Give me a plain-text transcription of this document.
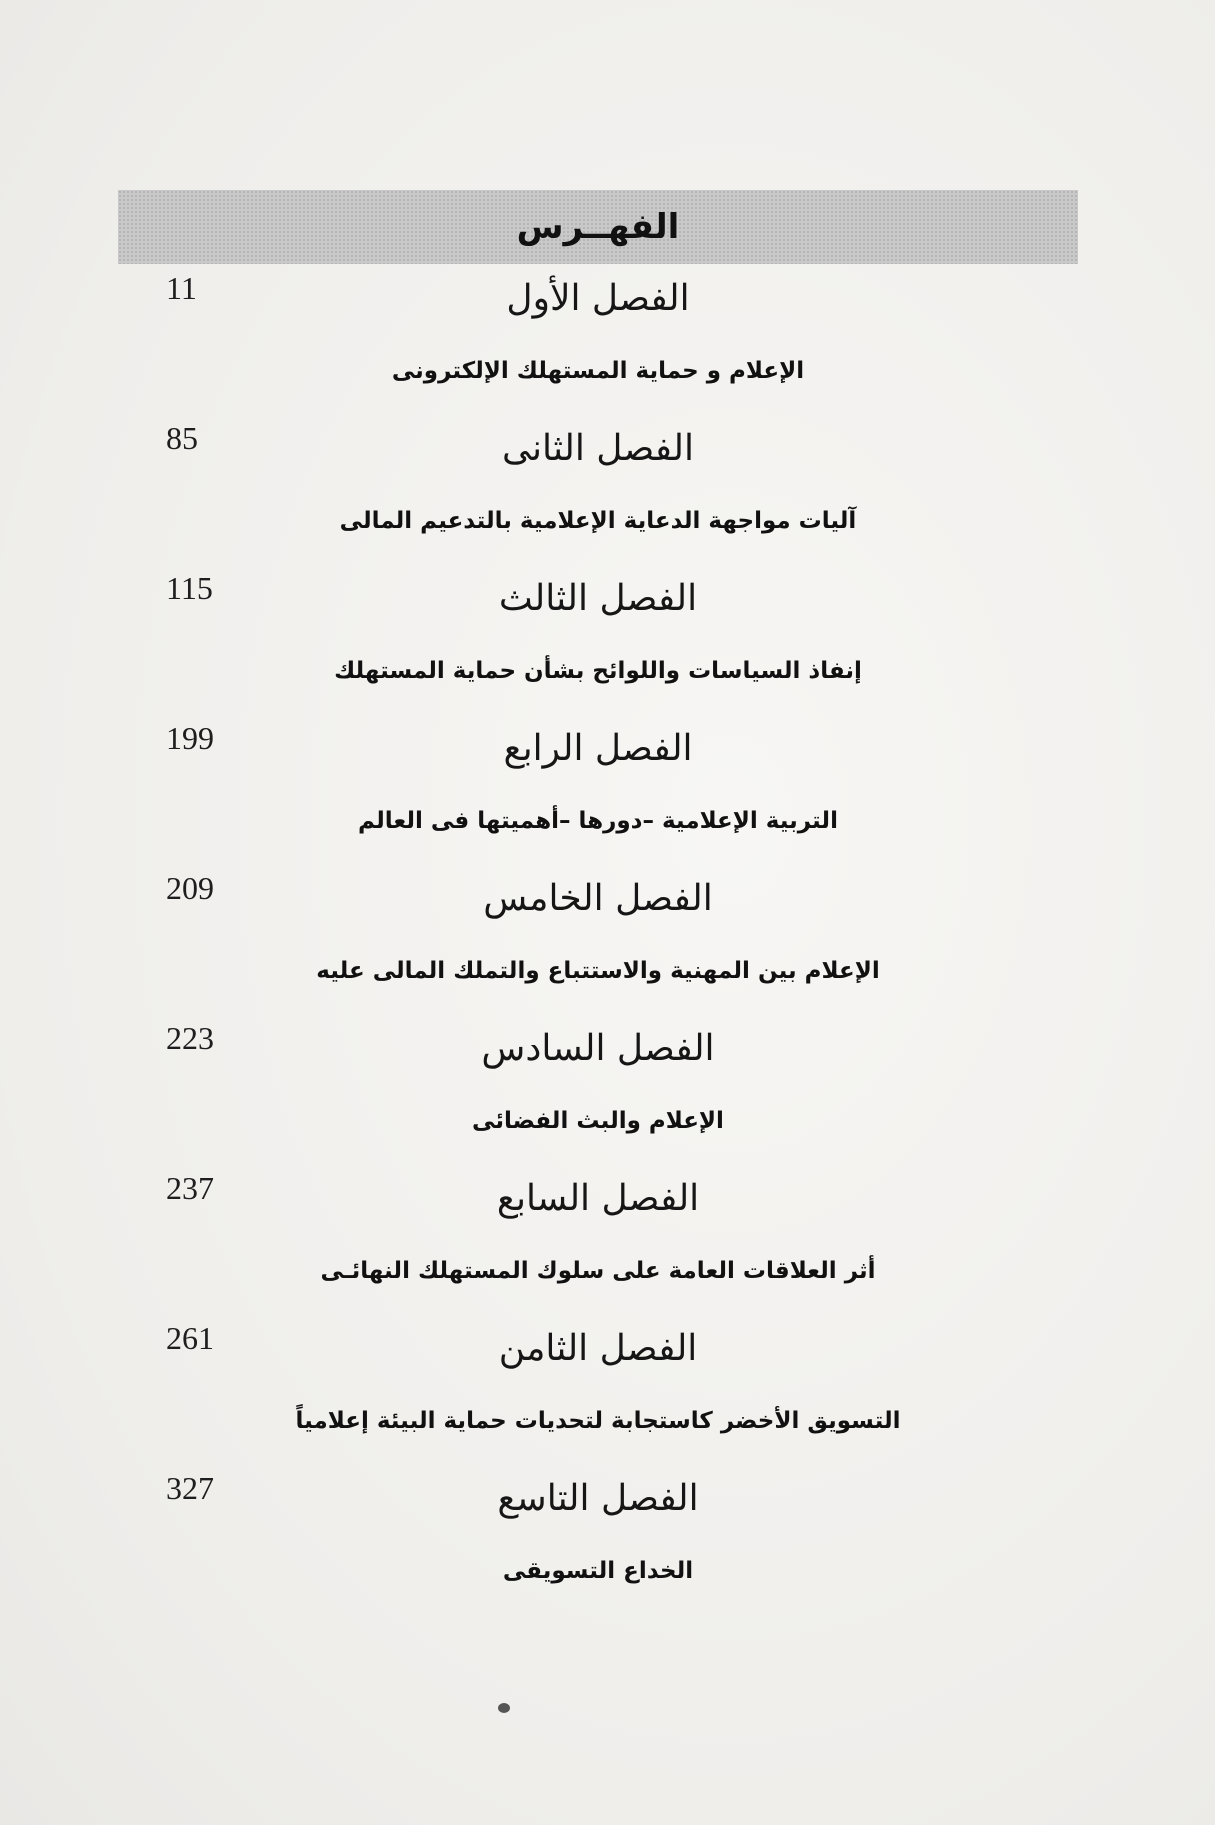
الفهــرس
11	الفصل الأول
الإعلام و حماية المستهلك الإلكترونى
85	الفصل الثانى
آليات مواجهة الدعاية الإعلامية بالتدعيم المالى
115	الفصل الثالث
إنفاذ السياسات واللوائح بشأن حماية المستهلك
199	الفصل الرابع
التربية الإعلامية –دورها –أهميتها فى العالم
209	الفصل الخامس
الإعلام بين المهنية والاستتباع والتملك المالى عليه
223	الفصل السادس
الإعلام والبث الفضائى
237	الفصل السابع
أثر العلاقات العامة على سلوك المستهلك النهائـى
261	الفصل الثامن
التسويق الأخضر كاستجابة لتحديات حماية البيئة إعلامياً
327	الفصل التاسع
الخداع التسويقى
